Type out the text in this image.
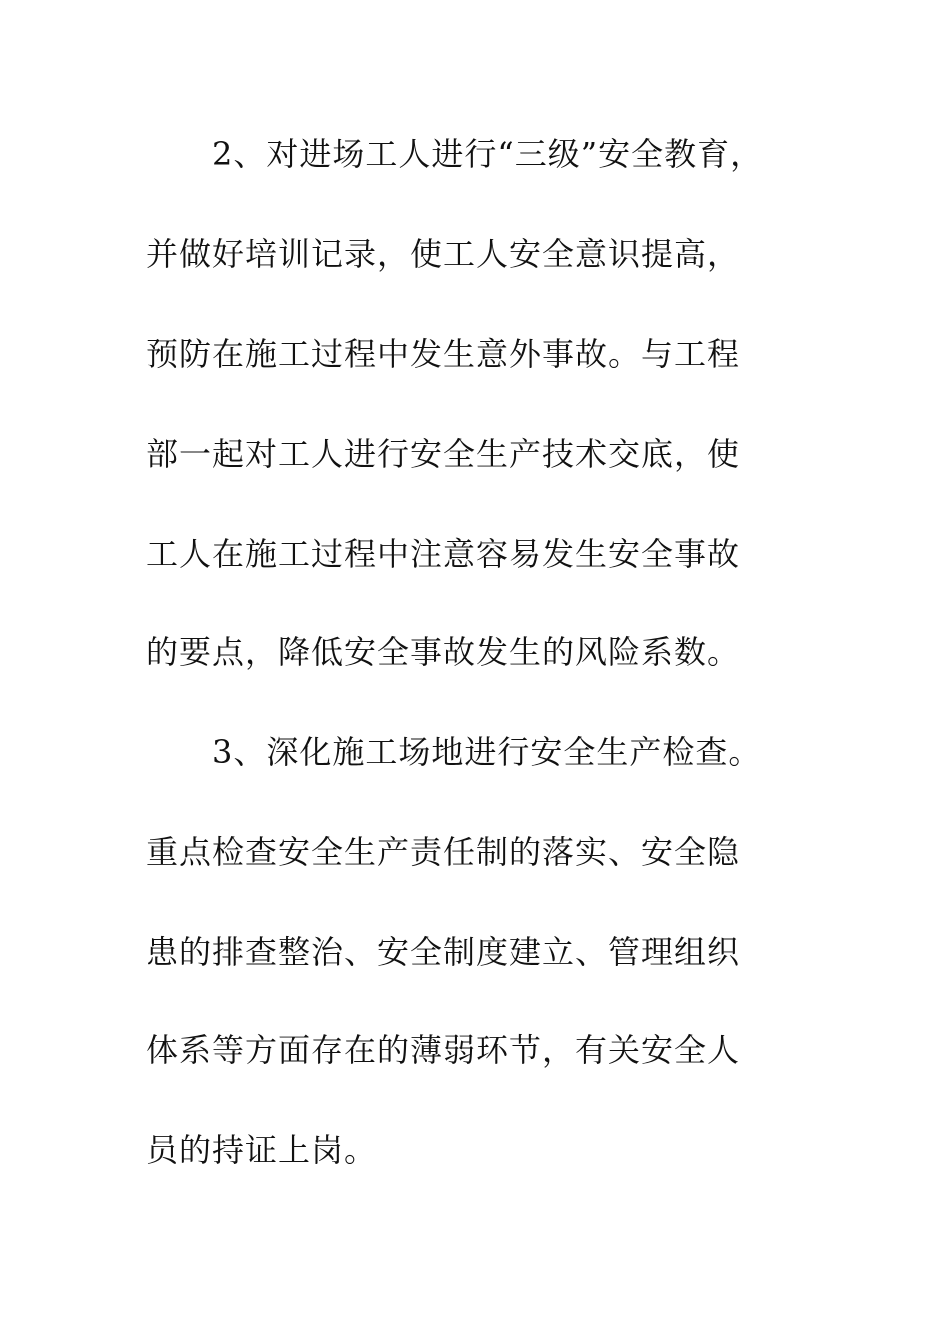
2、对进场工人进行“三级”安全教育，
并做好培训记录，使工人安全意识提高，
预防在施工过程中发生意外事故。与工程
部一起对工人进行安全生产技术交底，使
工人在施工过程中注意容易发生安全事故
的要点，降低安全事故发生的风险系数。
3、深化施工场地进行安全生产检查。
重点检查安全生产责任制的落实、安全隐
患的排查整治、安全制度建立、管理组织
体系等方面存在的薄弱环节，有关安全人
员的持证上岗。
